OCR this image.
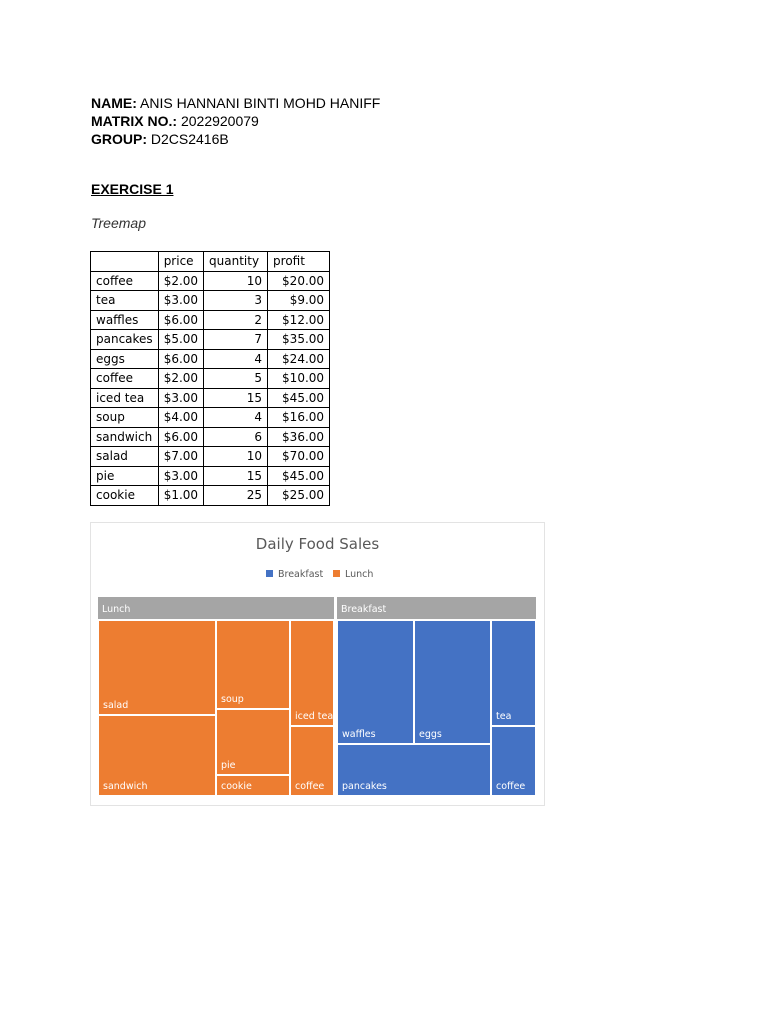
NAME: ANIS HANNANI BINTI MOHD HANIFF
MATRIX NO.: 2022920079
GROUP: D2CS2416B
EXERCISE 1
Treemap
	price	quantity	profit
coffee	$2.00	10	$20.00
tea	$3.00	3	$9.00
waffles	$6.00	2	$12.00
pancakes	$5.00	7	$35.00
eggs	$6.00	4	$24.00
coffee	$2.00	5	$10.00
iced tea	$3.00	15	$45.00
soup	$4.00	4	$16.00
sandwich	$6.00	6	$36.00
salad	$7.00	10	$70.00
pie	$3.00	15	$45.00
cookie	$1.00	25	$25.00
Daily Food Sales
Breakfast Lunch
Lunch
salad
sandwich
soup
pie
cookie
iced tea
coffee
Breakfast
waffles	eggs
pancakes
tea
coffee
